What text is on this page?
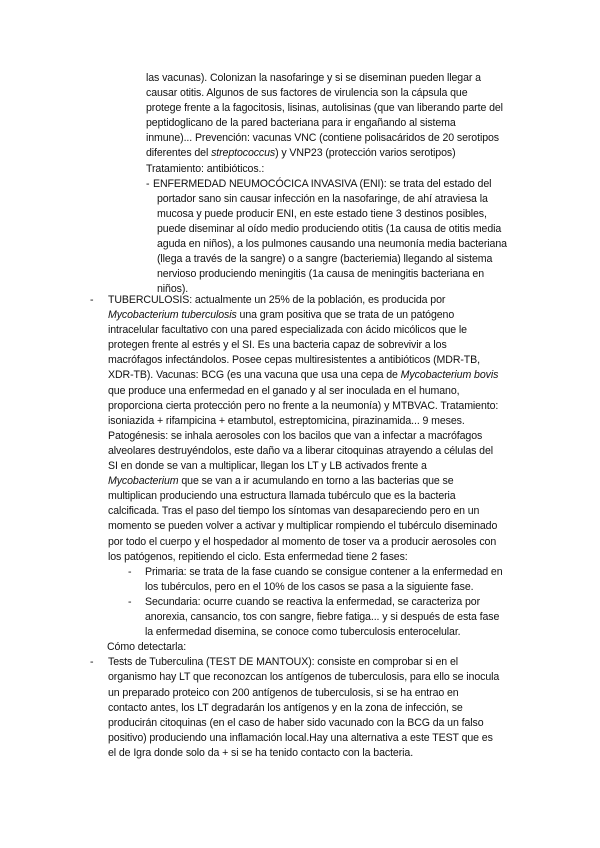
las vacunas). Colonizan la nasofaringe y si se diseminan pueden llegar a

causar otitis. Algunos de sus factores de virulencia son la cápsula que

protege frente a la fagocitosis, lisinas, autolisinas (que van liberando parte del

peptidoglicano de la pared bacteriana para ir engañando al sistema

inmune)... Prevención: vacunas VNC (contiene polisacáridos de 20 serotipos

diferentes del streptococcus) y VNP23 (protección varios serotipos)

Tratamiento: antibióticos.:

- ENFERMEDAD NEUMOCÓCICA INVASIVA (ENI): se trata del estado del

portador sano sin causar infección en la nasofaringe, de ahí atraviesa la

mucosa y puede producir ENI, en este estado tiene 3 destinos posibles,

puede diseminar al oído medio produciendo otitis (1a causa de otitis media

aguda en niños), a los pulmones causando una neumonía media bacteriana

(llega a través de la sangre) o a sangre (bacteriemia) llegando al sistema

nervioso produciendo meningitis (1a causa de meningitis bacteriana en

niños).

- TUBERCULOSIS: actualmente un 25% de la población, es producida por

Mycobacterium tuberculosis una gram positiva que se trata de un patógeno

intracelular facultativo con una pared especializada con ácido micólicos que le

protegen frente al estrés y el SI. Es una bacteria capaz de sobrevivir a los

macrófagos infectándolos. Posee cepas multiresistentes a antibióticos (MDR-TB,

XDR-TB). Vacunas: BCG (es una vacuna que usa una cepa de Mycobacterium bovis

que produce una enfermedad en el ganado y al ser inoculada en el humano,

proporciona cierta protección pero no frente a la neumonía) y MTBVAC. Tratamiento:

isoniazida + rifampicina + etambutol, estreptomicina, pirazinamida... 9 meses.

Patogénesis: se inhala aerosoles con los bacilos que van a infectar a macrófagos

alveolares destruyéndolos, este daño va a liberar citoquinas atrayendo a células del

SI en donde se van a multiplicar, llegan los LT y LB activados frente a

Mycobacterium que se van a ir acumulando en torno a las bacterias que se

multiplican produciendo una estructura llamada tubérculo que es la bacteria

calcificada. Tras el paso del tiempo los síntomas van desapareciendo pero en un

momento se pueden volver a activar y multiplicar rompiendo el tubérculo diseminado

por todo el cuerpo y el hospedador al momento de toser va a producir aerosoles con

los patógenos, repitiendo el ciclo. Esta enfermedad tiene 2 fases:

- Primaria: se trata de la fase cuando se consigue contener a la enfermedad en

los tubérculos, pero en el 10% de los casos se pasa a la siguiente fase.

- Secundaria: ocurre cuando se reactiva la enfermedad, se caracteriza por

anorexia, cansancio, tos con sangre, fiebre fatiga... y si después de esta fase

la enfermedad disemina, se conoce como tuberculosis enterocelular.

Cómo detectarla:

- Tests de Tuberculina (TEST DE MANTOUX): consiste en comprobar si en el

organismo hay LT que reconozcan los antígenos de tuberculosis, para ello se inocula

un preparado proteico con 200 antígenos de tuberculosis, si se ha entrao en

contacto antes, los LT degradarán los antígenos y en la zona de infección, se

producirán citoquinas (en el caso de haber sido vacunado con la BCG da un falso

positivo) produciendo una inflamación local.Hay una alternativa a este TEST que es

el de Igra donde solo da + si se ha tenido contacto con la bacteria.
